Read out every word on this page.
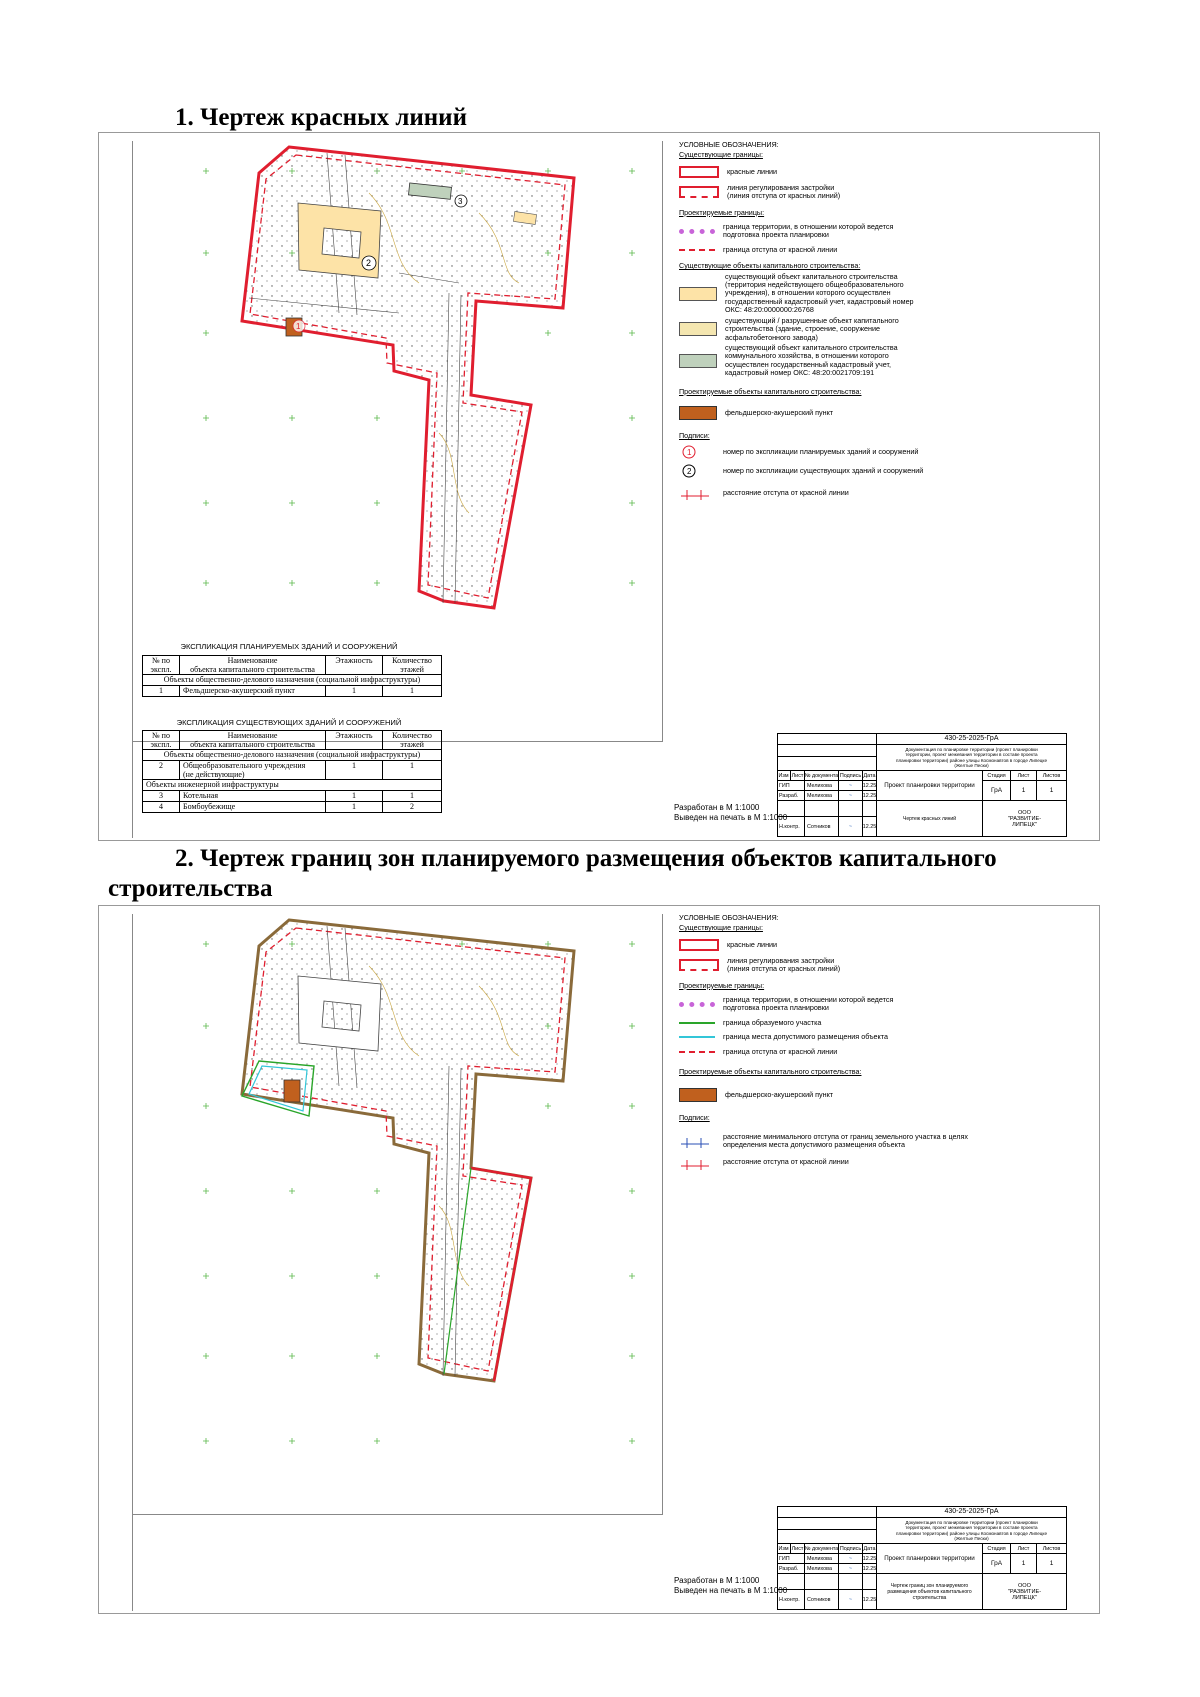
1. Чертеж красных линий
2
3
1
УСЛОВНЫЕ ОБОЗНАЧЕНИЯ:
Существующие границы:
красные линии
линия регулирования застройки
(линия отступа от красных линий)
Проектируемые границы:
граница территории, в отношении которой ведется
подготовка проекта планировки
граница отступа от красной линии
Существующие объекты капитального строительства:
существующий объект капитального строительства
(территория недействующего общеобразовательного
учреждения), в отношении которого осуществлен
государственный кадастровый учет, кадастровый номер
ОКС: 48:20:0000000:26768
существующий / разрушенные объект капитального
строительства (здание, строение, сооружение
асфальтобетонного завода)
существующий объект капитального строительства
коммунального хозяйства, в отношении которого
осуществлен государственный кадастровый учет,
кадастровый номер ОКС: 48:20:0021709:191
Проектируемые объекты капитального строительства:
фельдшерско-акушерский пункт
Подписи:
1	номер по экспликации планируемых зданий и сооружений
2	номер по экспликации существующих зданий и сооружений
расстояние отступа от красной линии
ЭКСПЛИКАЦИЯ ПЛАНИРУЕМЫХ ЗДАНИЙ И СООРУЖЕНИЙ
№ по
экспл.	Наименование
объекта капитального строительства	Этажность	Количество
этажей
Объекты общественно-делового назначения (социальной инфраструктуры)			
1	Фельдшерско-акушерский пункт	1	1
ЭКСПЛИКАЦИЯ СУЩЕСТВУЮЩИХ ЗДАНИЙ И СООРУЖЕНИЙ
№ по
экспл.	Наименование
объекта капитального строительства	Этажность	Количество
этажей
Объекты общественно-делового назначения (социальной инфраструктуры)			
2	Общеобразовательного учреждения
(не действующие)	1	1
Объекты инженерной инфраструктуры			
3	Котельная	1	1
4	Бомбоубежище	1	2	Разработан в М 1:1000
Выведен на печать в М 1:1000
430-25-2025-ГрА
Документация по планировке территории (проект планировки
территории, проект межевания территории в составе проекта
планировки территории) районе улицы Космонавтов в городе Липецке
(Желтые Пески)
Изм Лист № документа Подпись Дата
ГИП	Мелихова	~	12.25
Разраб.	Мелихова	~	12.25
Н.контр.	Сотников	~	12.25
Проект планировки территории
Стадия	Лист	Листов
ГрА	1	1
Чертеж красных линий
ООО
"РАЗВИТИЕ-
ЛИПЕЦК"
2. Чертеж границ зон планируемого размещения объектов капитального
строительства
УСЛОВНЫЕ ОБОЗНАЧЕНИЯ:
Существующие границы:
красные линии
линия регулирования застройки
(линия отступа от красных линий)
Проектируемые границы:
граница территории, в отношении которой ведется
подготовка проекта планировки
граница образуемого участка
граница места допустимого размещения объекта
граница отступа от красной линии
Проектируемые объекты капитального строительства:
фельдшерско-акушерский пункт
Подписи:
расстояние минимального отступа от границ земельного участка в целях
определения места допустимого размещения объекта
расстояние отступа от красной линии
Разработан в М 1:1000
Выведен на печать в М 1:1000
430-25-2025-ГрА
Документация по планировке территории (проект планировки
территории, проект межевания территории в составе проекта
планировки территории) районе улицы Космонавтов в городе Липецке
(Желтые Пески)
Изм Лист № документа Подпись Дата
ГИП	Мелихова	~	12.25
Разраб.	Мелихова	~	12.25
Н.контр.	Сотников	~	12.25
Проект планировки территории
Стадия	Лист	Листов
ГрА	1	1
Чертеж границ зон планируемого
размещения объектов капитального
строительства
ООО
"РАЗВИТИЕ-
ЛИПЕЦК"
